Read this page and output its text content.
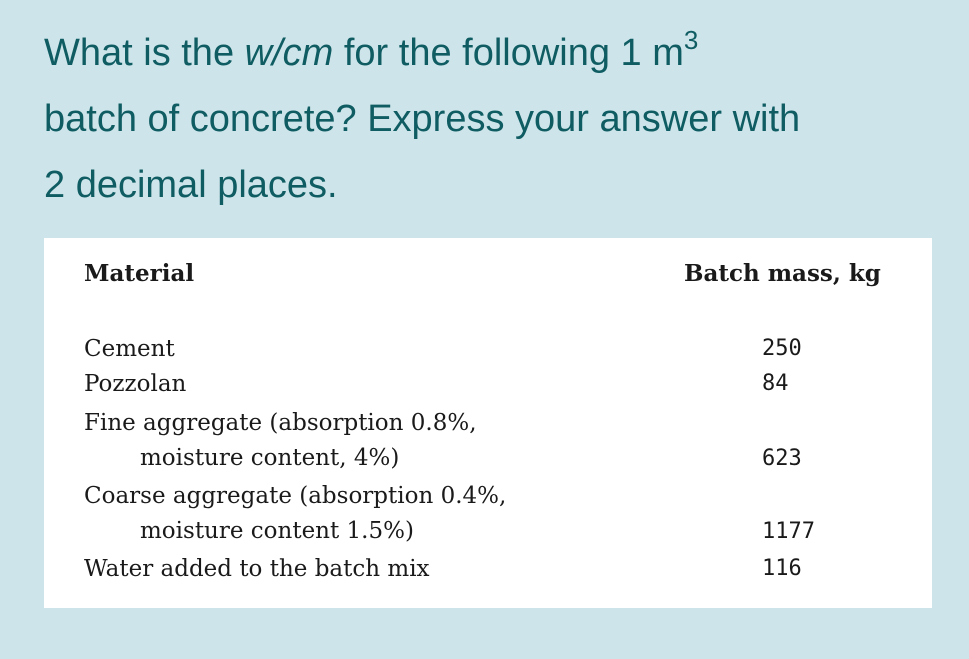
What is the w/cm for the following 1 $m^3$
batch of concrete? Express your answer with
2 decimal places.
Material	Batch mass, kg
Cement	250
Pozzolan	84
Fine aggregate (absorption 0.8%,
moisture content, 4%)	623
Coarse aggregate (absorption 0.4%,
moisture content 1.5%)	1177
Water added to the batch mix	116
